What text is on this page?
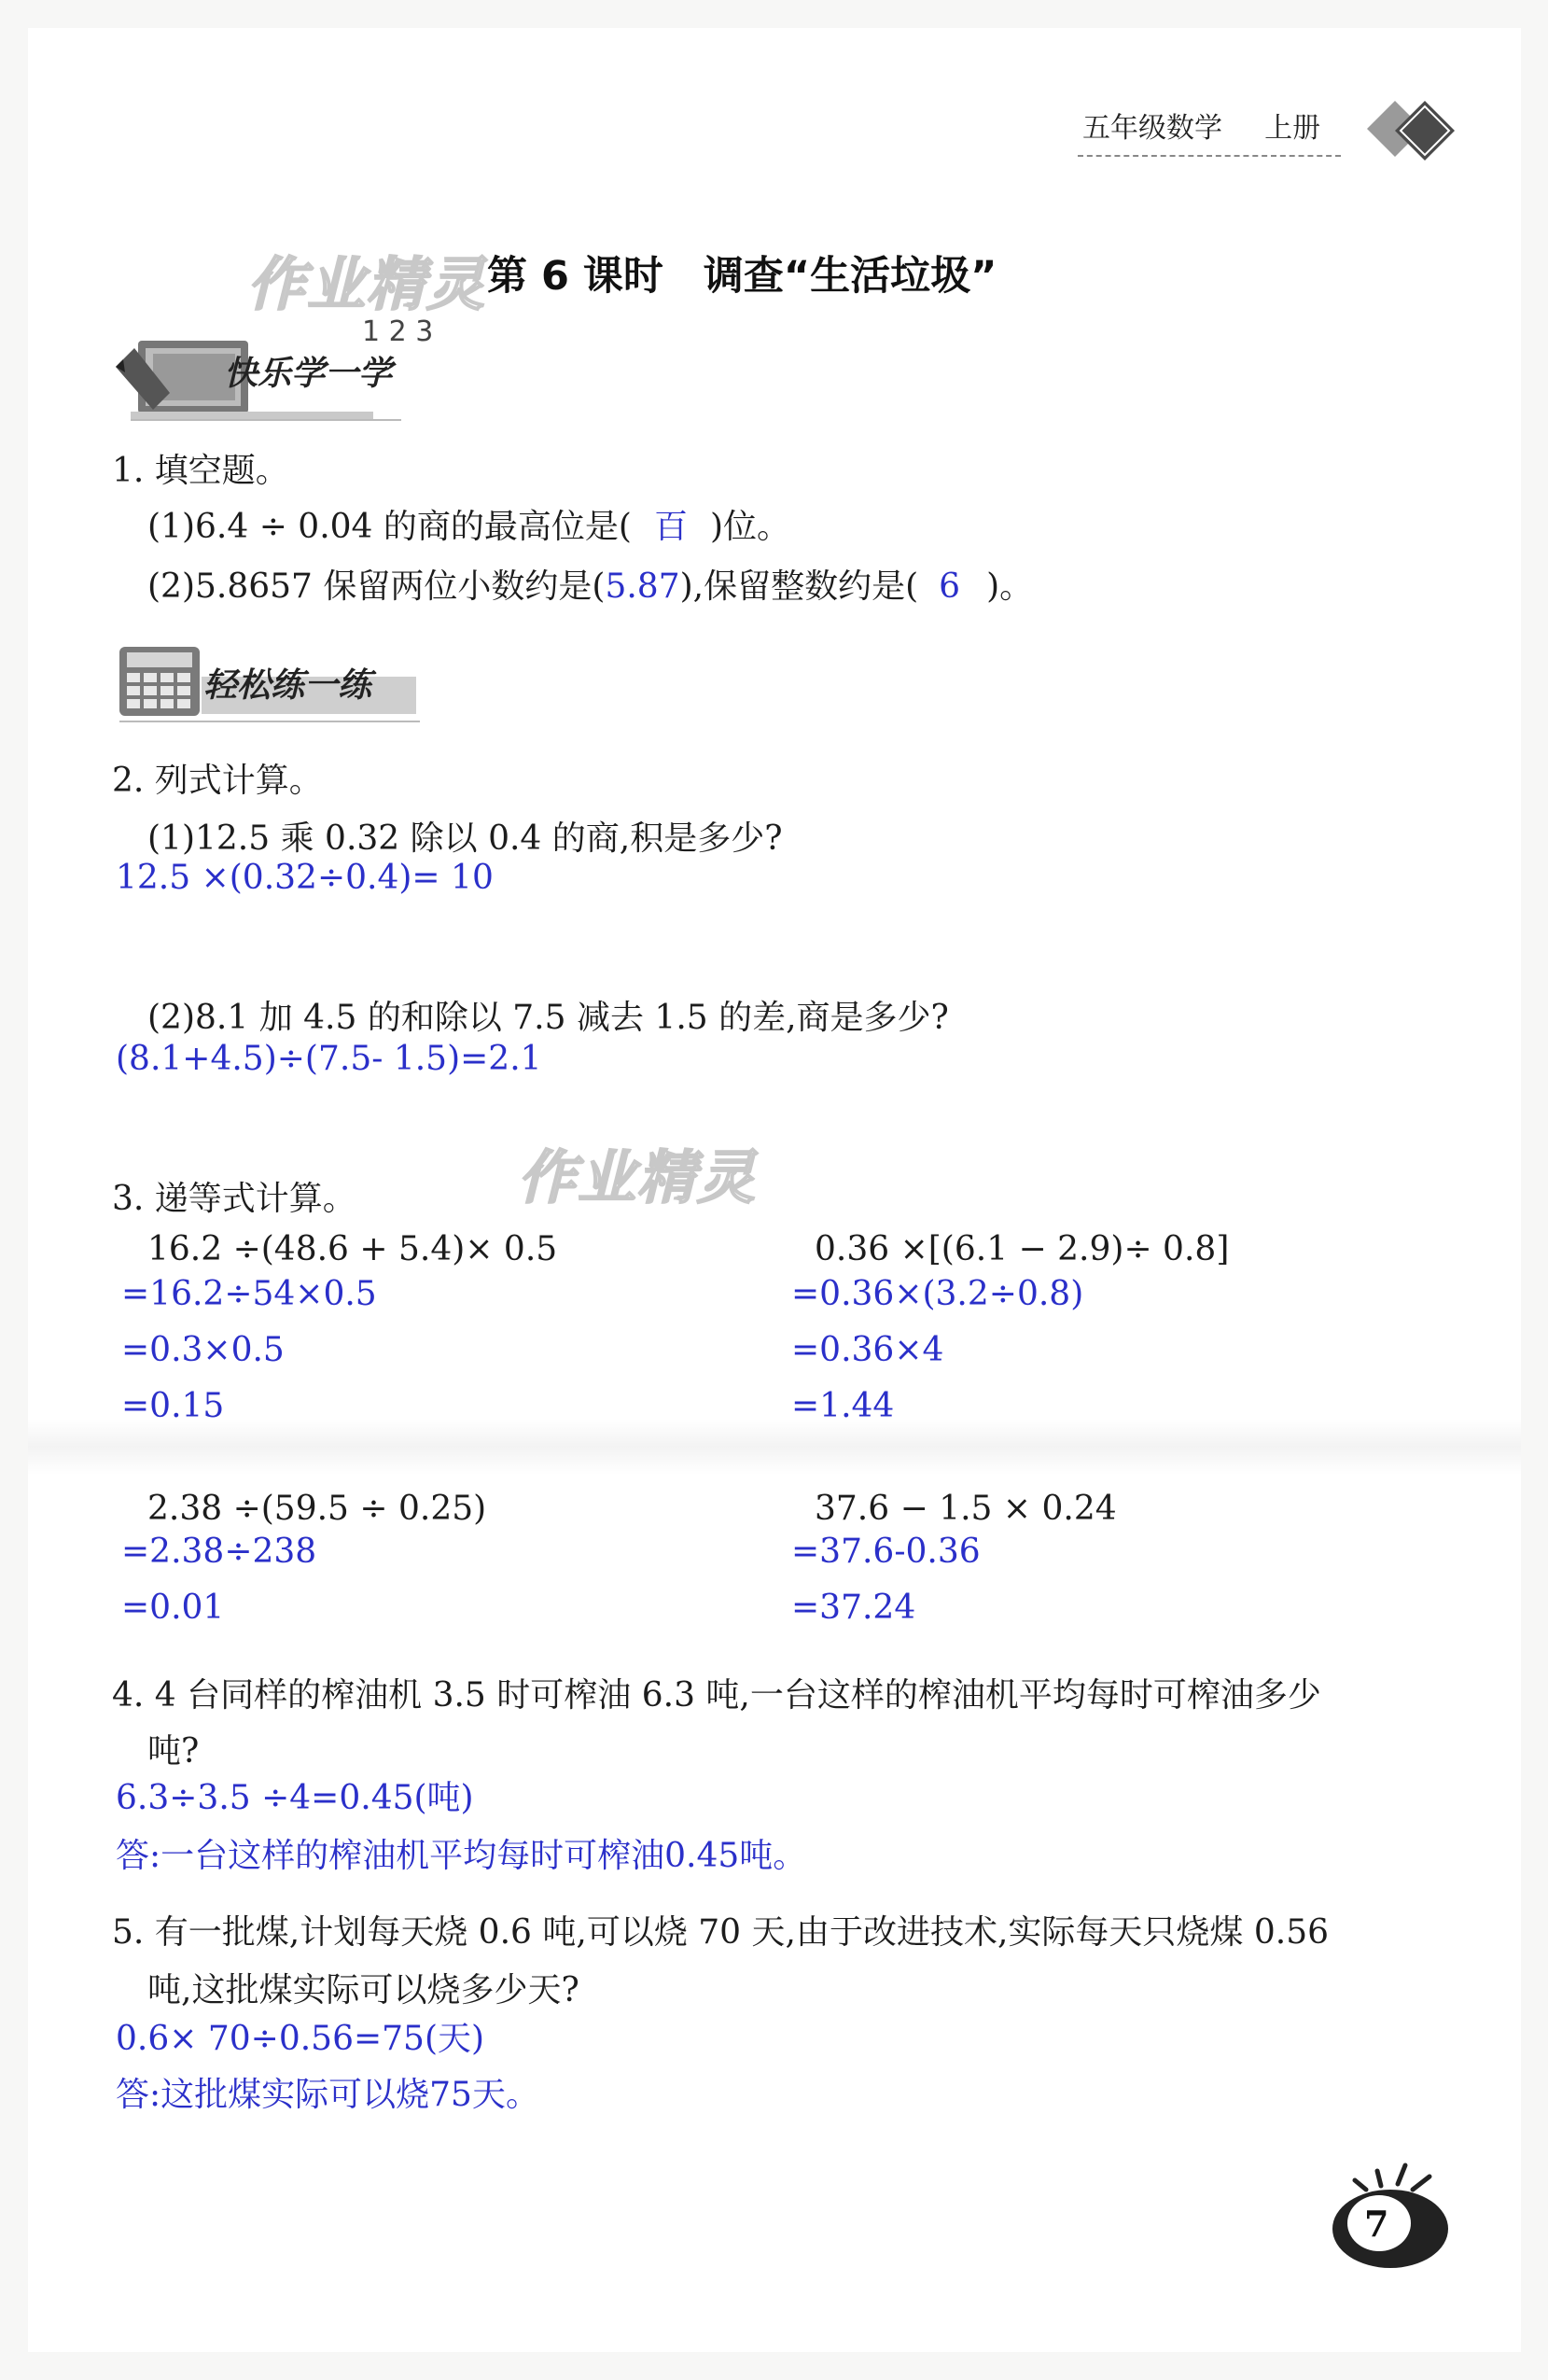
五年级数学 上册
作业精灵 第 6 课时　调查“生活垃圾”
1 2 3
快乐学一学
1. 填空题。
(1)6.4 ÷ 0.04 的商的最高位是( 百 )位。
(2)5.8657 保留两位小数约是(5.87),保留整数约是( 6 )。
轻松练一练
2. 列式计算。
(1)12.5 乘 0.32 除以 0.4 的商,积是多少?
12.5 ×(0.32÷0.4)= 10
(2)8.1 加 4.5 的和除以 7.5 减去 1.5 的差,商是多少?
(8.1+4.5)÷(7.5- 1.5)=2.1
作业精灵
3. 递等式计算。
16.2 ÷(48.6 + 5.4)× 0.5
=16.2÷54×0.5
=0.3×0.5
=0.15
0.36 ×[(6.1 − 2.9)÷ 0.8]
=0.36×(3.2÷0.8)
=0.36×4
=1.44
2.38 ÷(59.5 ÷ 0.25)
=2.38÷238
=0.01
37.6 − 1.5 × 0.24
=37.6-0.36
=37.24
4. 4 台同样的榨油机 3.5 时可榨油 6.3 吨,一台这样的榨油机平均每时可榨油多少
吨?
6.3÷3.5 ÷4=0.45(吨)
答:一台这样的榨油机平均每时可榨油0.45吨。
5. 有一批煤,计划每天烧 0.6 吨,可以烧 70 天,由于改进技术,实际每天只烧煤 0.56
吨,这批煤实际可以烧多少天?
0.6× 70÷0.56=75(天)
答:这批煤实际可以烧75天。
7
